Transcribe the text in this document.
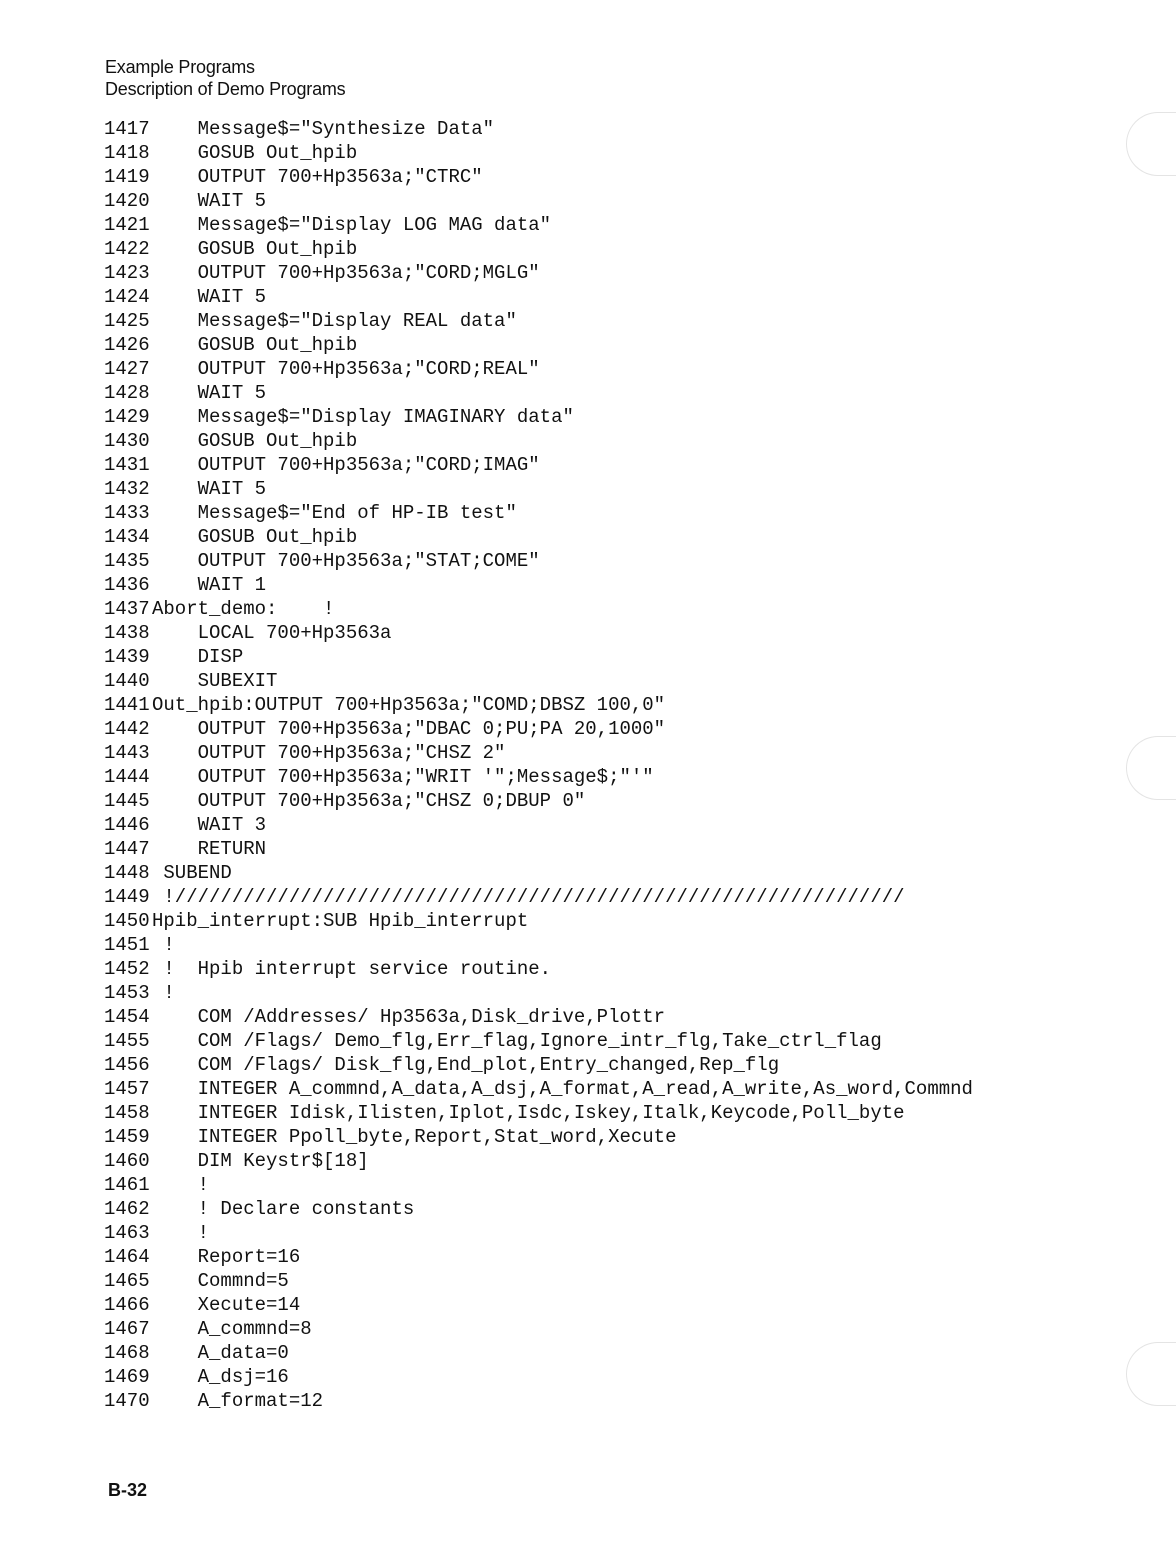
Example Programs
Description of Demo Programs
1417    Message$="Synthesize Data"
1418    GOSUB Out_hpib
1419    OUTPUT 700+Hp3563a;"CTRC"
1420    WAIT 5
1421    Message$="Display LOG MAG data"
1422    GOSUB Out_hpib
1423    OUTPUT 700+Hp3563a;"CORD;MGLG"
1424    WAIT 5
1425    Message$="Display REAL data"
1426    GOSUB Out_hpib
1427    OUTPUT 700+Hp3563a;"CORD;REAL"
1428    WAIT 5
1429    Message$="Display IMAGINARY data"
1430    GOSUB Out_hpib
1431    OUTPUT 700+Hp3563a;"CORD;IMAG"
1432    WAIT 5
1433    Message$="End of HP-IB test"
1434    GOSUB Out_hpib
1435    OUTPUT 700+Hp3563a;"STAT;COME"
1436    WAIT 1
1437 Abort_demo:    !
1438    LOCAL 700+Hp3563a
1439    DISP
1440    SUBEXIT
1441 Out_hpib:OUTPUT 700+Hp3563a;"COMD;DBSZ 100,0"
1442    OUTPUT 700+Hp3563a;"DBAC 0;PU;PA 20,1000"
1443    OUTPUT 700+Hp3563a;"CHSZ 2"
1444    OUTPUT 700+Hp3563a;"WRIT '";Message$;"'"
1445    OUTPUT 700+Hp3563a;"CHSZ 0;DBUP 0"
1446    WAIT 3
1447    RETURN
1448 SUBEND
1449 !////////////////////////////////////////////////////////////////
1450 Hpib_interrupt:SUB Hpib_interrupt
1451 !
1452 !  Hpib interrupt service routine.
1453 !
1454    COM /Addresses/ Hp3563a,Disk_drive,Plottr
1455    COM /Flags/ Demo_flg,Err_flag,Ignore_intr_flg,Take_ctrl_flag
1456    COM /Flags/ Disk_flg,End_plot,Entry_changed,Rep_flg
1457    INTEGER A_commnd,A_data,A_dsj,A_format,A_read,A_write,As_word,Commnd
1458    INTEGER Idisk,Ilisten,Iplot,Isdc,Iskey,Italk,Keycode,Poll_byte
1459    INTEGER Ppoll_byte,Report,Stat_word,Xecute
1460    DIM Keystr$[18]
1461    !
1462    ! Declare constants
1463    !
1464    Report=16
1465    Commnd=5
1466    Xecute=14
1467    A_commnd=8
1468    A_data=0
1469    A_dsj=16
1470    A_format=12
B-32
